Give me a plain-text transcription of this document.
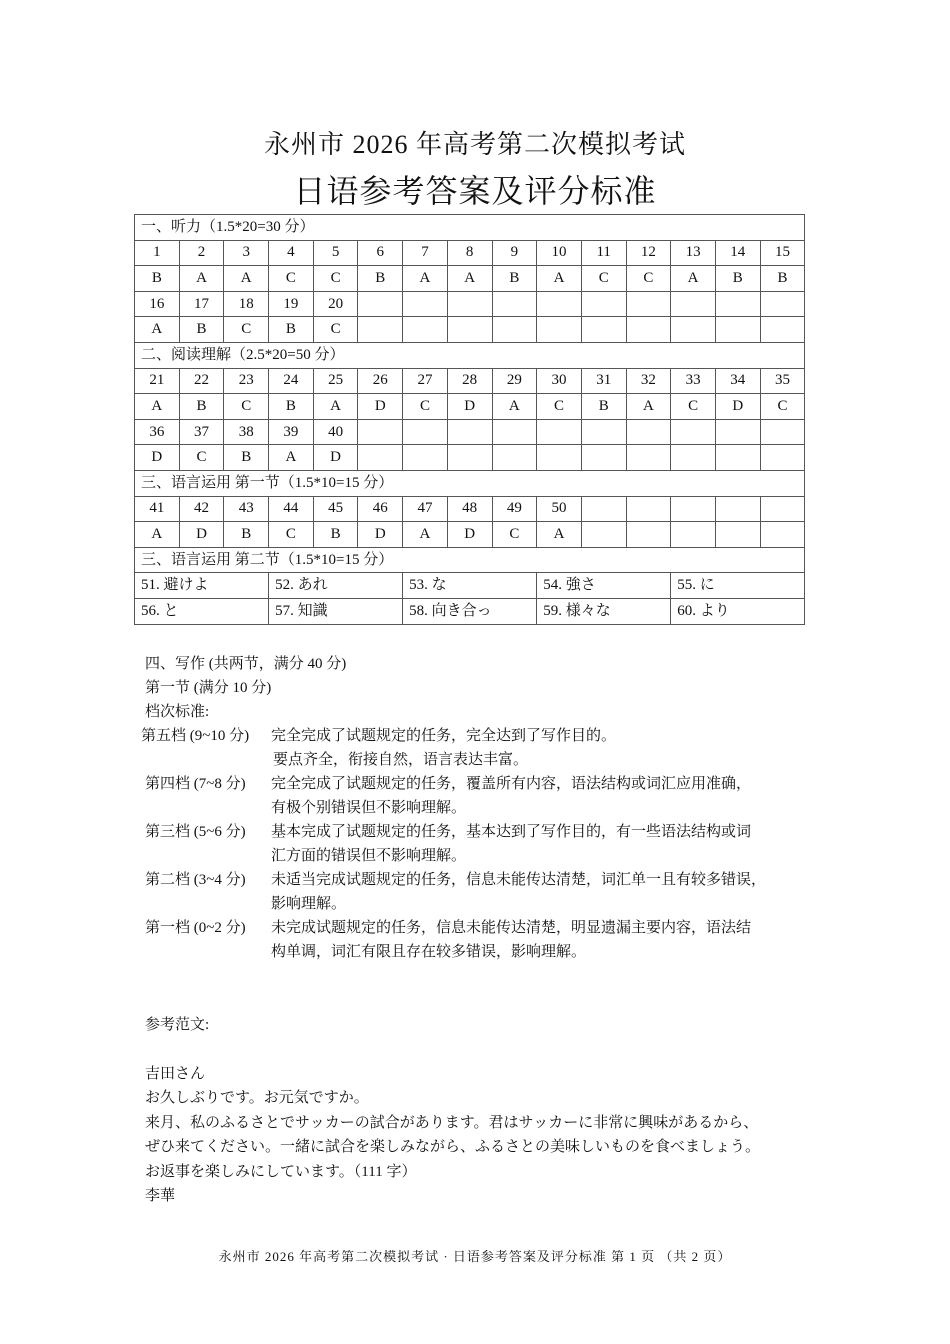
永州市 2026 年高考第二次模拟考试
日语参考答案及评分标准
一、听力（1.5*20=30 分）														
1	2	3	4	5	6	7	8	9	10	11	12	13	14	15
B	A	A	C	C	B	A	A	B	A	C	C	A	B	B
16	17	18	19	20										
A	B	C	B	C										
二、阅读理解（2.5*20=50 分）														
21	22	23	24	25	26	27	28	29	30	31	32	33	34	35
A	B	C	B	A	D	C	D	A	C	B	A	C	D	C
36	37	38	39	40										
D	C	B	A	D										
三、语言运用 第一节（1.5*10=15 分）														
41	42	43	44	45	46	47	48	49	50					
A	D	B	C	B	D	A	D	C	A					
三、语言运用 第二节（1.5*10=15 分）														
51. 避けよ			52. あれ			53. な			54. 強さ			55. に		
56. と			57. 知識			58. 向き合っ			59. 様々な			60. より		
四、写作 (共两节，满分 40 分)
第一节 (满分 10 分)
档次标准:
第五档 (9~10 分) 完全完成了试题规定的任务，完全达到了写作目的。
要点齐全，衔接自然，语言表达丰富。
第四档 (7~8 分) 完全完成了试题规定的任务，覆盖所有内容，语法结构或词汇应用准确，
有极个别错误但不影响理解。
第三档 (5~6 分) 基本完成了试题规定的任务，基本达到了写作目的，有一些语法结构或词
汇方面的错误但不影响理解。
第二档 (3~4 分) 未适当完成试题规定的任务，信息未能传达清楚，词汇单一且有较多错误，
影响理解。
第一档 (0~2 分) 未完成试题规定的任务，信息未能传达清楚，明显遗漏主要内容，语法结
构单调，词汇有限且存在较多错误，影响理解。
参考范文:
吉田さん
お久しぶりです。お元気ですか。
来月、私のふるさとでサッカーの試合があります。君はサッカーに非常に興味があるから、
ぜひ来てください。一緒に試合を楽しみながら、ふるさとの美味しいものを食べましょう。
お返事を楽しみにしています。（111 字）
李華
永州市 2026 年高考第二次模拟考试 · 日语参考答案及评分标准 第 1 页 （共 2 页）
